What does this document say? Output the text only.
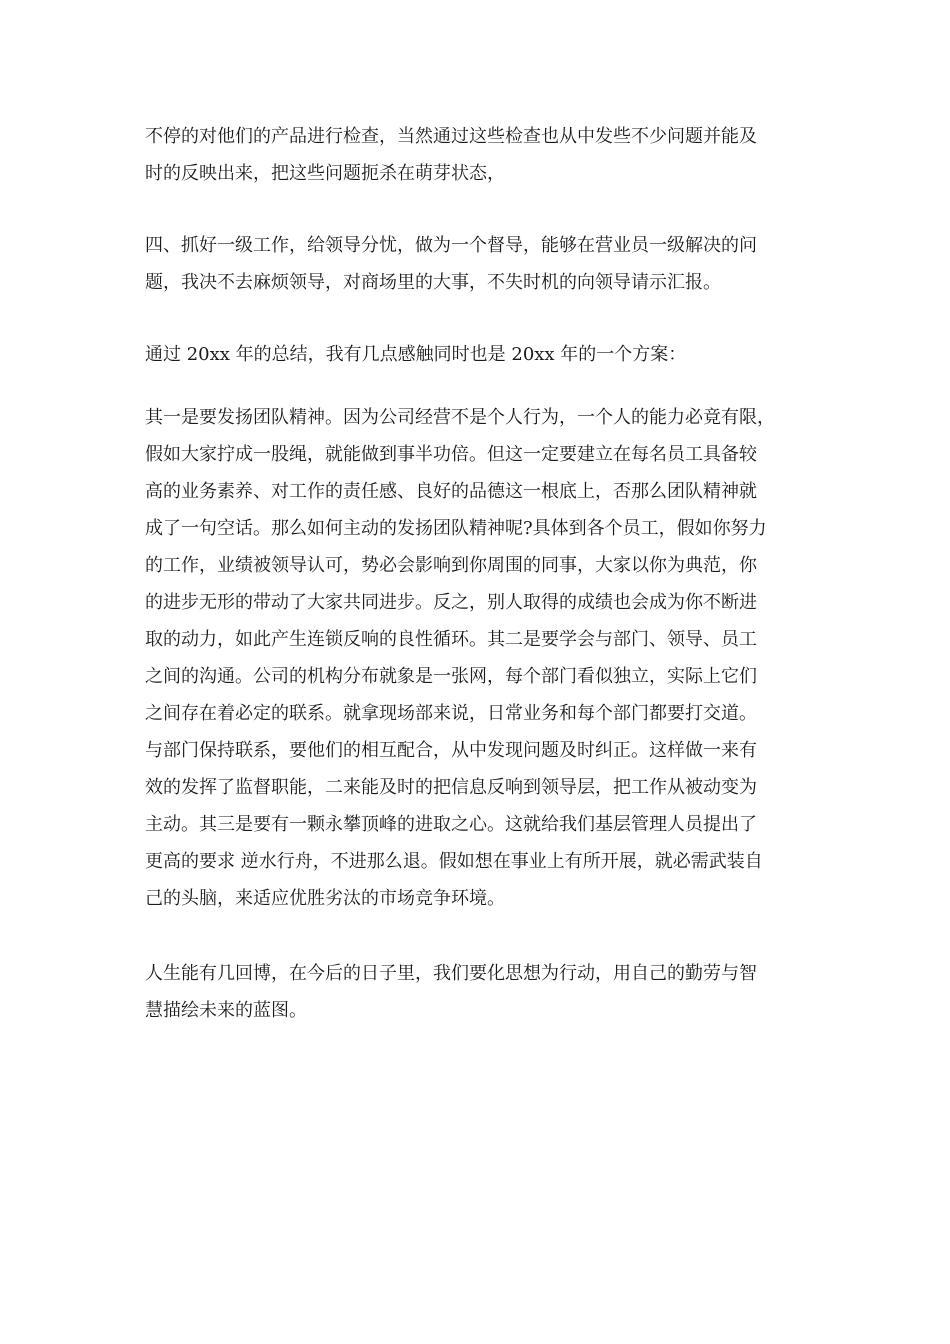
不停的对他们的产品进行检查，当然通过这些检查也从中发些不少问题并能及
时的反映出来，把这些问题扼杀在萌芽状态，
四、抓好一级工作，给领导分忧，做为一个督导，能够在营业员一级解决的问
题，我决不去麻烦领导，对商场里的大事，不失时机的向领导请示汇报。
通过 20xx 年的总结，我有几点感触同时也是 20xx 年的一个方案：
其一是要发扬团队精神。因为公司经营不是个人行为，一个人的能力必竟有限，
假如大家拧成一股绳，就能做到事半功倍。但这一定要建立在每名员工具备较
高的业务素养、对工作的责任感、良好的品德这一根底上，否那么团队精神就
成了一句空话。那么如何主动的发扬团队精神呢?具体到各个员工，假如你努力
的工作，业绩被领导认可，势必会影响到你周围的同事，大家以你为典范，你
的进步无形的带动了大家共同进步。反之，别人取得的成绩也会成为你不断进
取的动力，如此产生连锁反响的良性循环。其二是要学会与部门、领导、员工
之间的沟通。公司的机构分布就象是一张网，每个部门看似独立，实际上它们
之间存在着必定的联系。就拿现场部来说，日常业务和每个部门都要打交道。
与部门保持联系，要他们的相互配合，从中发现问题及时纠正。这样做一来有
效的发挥了监督职能，二来能及时的把信息反响到领导层，把工作从被动变为
主动。其三是要有一颗永攀顶峰的进取之心。这就给我们基层管理人员提出了
更高的要求 逆水行舟，不进那么退。假如想在事业上有所开展，就必需武装自
己的头脑，来适应优胜劣汰的市场竞争环境。
人生能有几回博，在今后的日子里，我们要化思想为行动，用自己的勤劳与智
慧描绘未来的蓝图。
